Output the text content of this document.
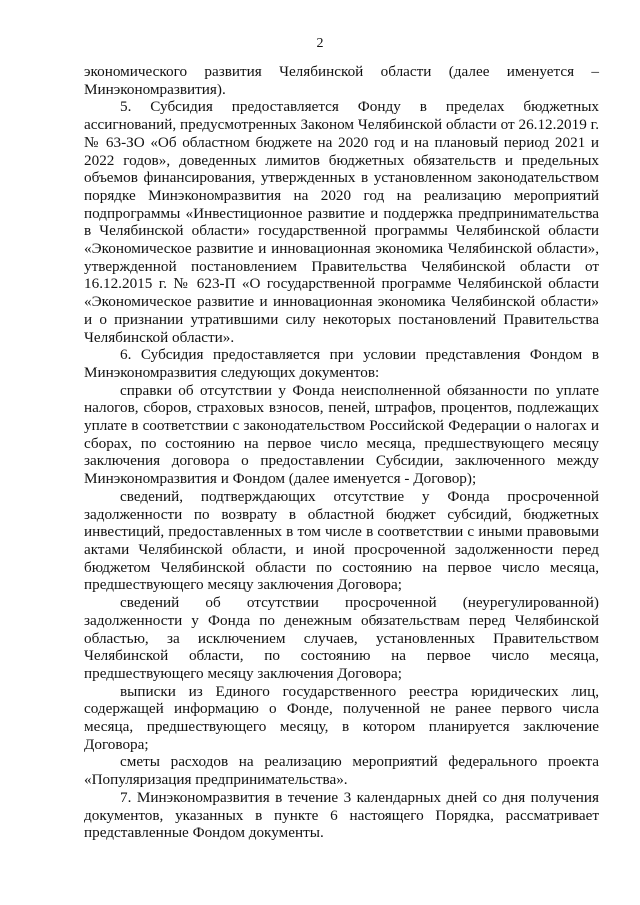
2

экономического развития Челябинской области (далее именуется – Минэкономразвития).

5. Субсидия предоставляется Фонду в пределах бюджетных ассигнований, предусмотренных Законом Челябинской области от 26.12.2019 г. № 63-ЗО «Об областном бюджете на 2020 год и на плановый период 2021 и 2022 годов», доведенных лимитов бюджетных обязательств и предельных объемов финансирования, утвержденных в установленном законодательством порядке Минэкономразвития на 2020 год на реализацию мероприятий подпрограммы «Инвестиционное развитие и поддержка предпринимательства в Челябинской области» государственной программы Челябинской области «Экономическое развитие и инновационная экономика Челябинской области», утвержденной постановлением Правительства Челябинской области от 16.12.2015 г. № 623-П «О государственной программе Челябинской области «Экономическое развитие и инновационная экономика Челябинской области» и о признании утратившими силу некоторых постановлений Правительства Челябинской области».

6. Субсидия предоставляется при условии представления Фондом в Минэкономразвития следующих документов:

справки об отсутствии у Фонда неисполненной обязанности по уплате налогов, сборов, страховых взносов, пеней, штрафов, процентов, подлежащих уплате в соответствии с законодательством Российской Федерации о налогах и сборах, по состоянию на первое число месяца, предшествующего месяцу заключения договора о предоставлении Субсидии, заключенного между Минэкономразвития и Фондом (далее именуется - Договор);

сведений, подтверждающих отсутствие у Фонда просроченной задолженности по возврату в областной бюджет субсидий, бюджетных инвестиций, предоставленных в том числе в соответствии с иными правовыми актами Челябинской области, и иной просроченной задолженности перед бюджетом Челябинской области по состоянию на первое число месяца, предшествующего месяцу заключения Договора;

сведений об отсутствии просроченной (неурегулированной) задолженности у Фонда по денежным обязательствам перед Челябинской областью, за исключением случаев, установленных Правительством Челябинской области, по состоянию на первое число месяца, предшествующего месяцу заключения Договора;

выписки из Единого государственного реестра юридических лиц, содержащей информацию о Фонде, полученной не ранее первого числа месяца, предшествующего месяцу, в котором планируется заключение Договора;

сметы расходов на реализацию мероприятий федерального проекта «Популяризация предпринимательства».

7. Минэкономразвития в течение 3 календарных дней со дня получения документов, указанных в пункте 6 настоящего Порядка, рассматривает представленные Фондом документы.
